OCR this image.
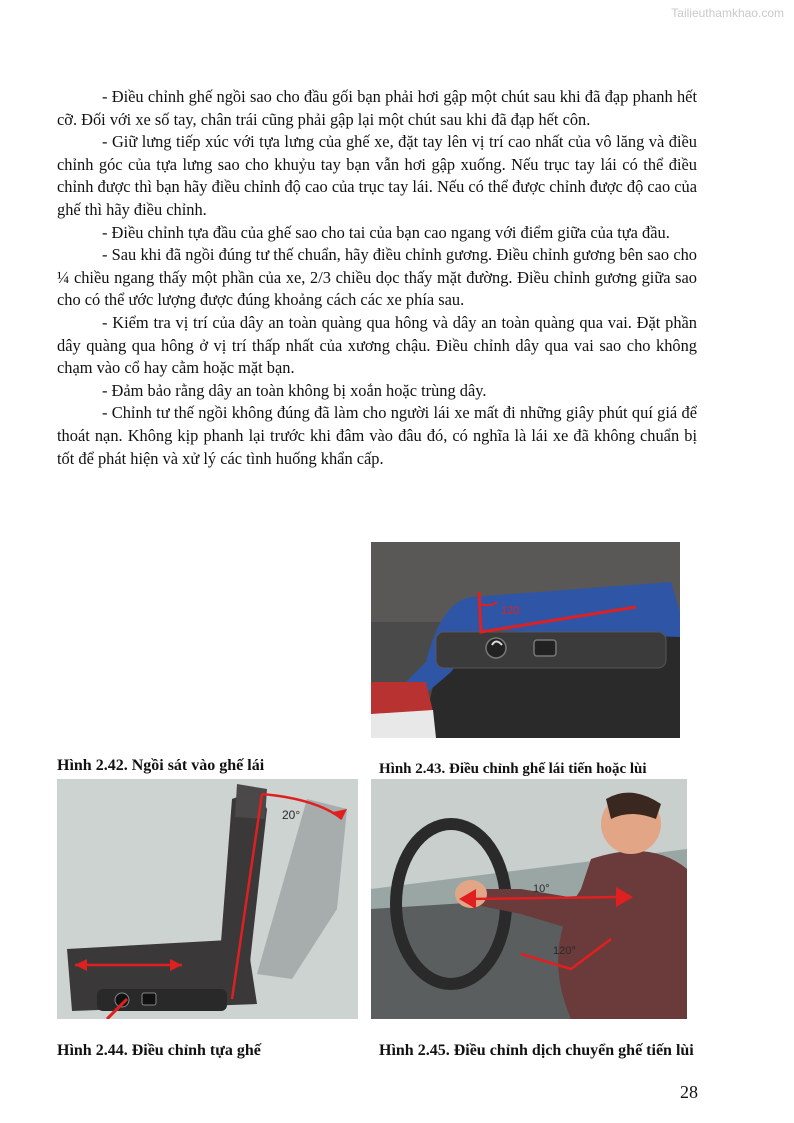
Tailieuthamkhao.com

- Điều chỉnh ghế ngồi sao cho đầu gối bạn phải hơi gập một chút sau khi đã đạp phanh hết cỡ. Đối với xe số tay, chân trái cũng phải gập lại một chút sau khi đã đạp hết côn.

- Giữ lưng tiếp xúc với tựa lưng của ghế xe, đặt tay lên vị trí cao nhất của vô lăng và điều chỉnh góc của tựa lưng sao cho khuỷu tay bạn vẫn hơi gập xuống. Nếu trục tay lái có thể điều chỉnh được thì bạn hãy điều chỉnh độ cao của trục tay lái. Nếu có thể được chỉnh được độ cao của ghế thì hãy điều chỉnh.

- Điều chỉnh tựa đầu của ghế sao cho tai của bạn cao ngang với điểm giữa của tựa đầu.

- Sau khi đã ngồi đúng tư thế chuẩn, hãy điều chỉnh gương. Điều chỉnh gương bên sao cho ¼ chiều ngang thấy một phần của xe, 2/3 chiều dọc thấy mặt đường. Điều chỉnh gương giữa sao cho có thể ước lượng được đúng khoảng cách các xe phía sau.

- Kiểm tra vị trí của dây an toàn quàng qua hông và dây an toàn quàng qua vai. Đặt phần dây quàng qua hông ở vị trí thấp nhất của xương chậu. Điều chỉnh dây qua vai sao cho không chạm vào cổ hay cằm hoặc mặt bạn.

- Đảm bảo rằng dây an toàn không bị xoắn hoặc trùng dây.

- Chỉnh tư thế ngồi không đúng đã làm cho người lái xe mất đi những giây phút quí giá để thoát nạn. Không kịp phanh lại trước khi đâm vào đâu đó, có nghĩa là lái xe đã không chuẩn bị tốt để phát hiện và xử lý các tình huống khẩn cấp.

120

Hình 2.42. Ngồi sát vào ghế lái	Hình 2.43. Điều chỉnh ghế lái tiến hoặc lùi

20°
10°
120°

Hình 2.44. Điều chỉnh tựa ghế	Hình 2.45. Điều chỉnh dịch chuyển ghế tiến lùi

28
